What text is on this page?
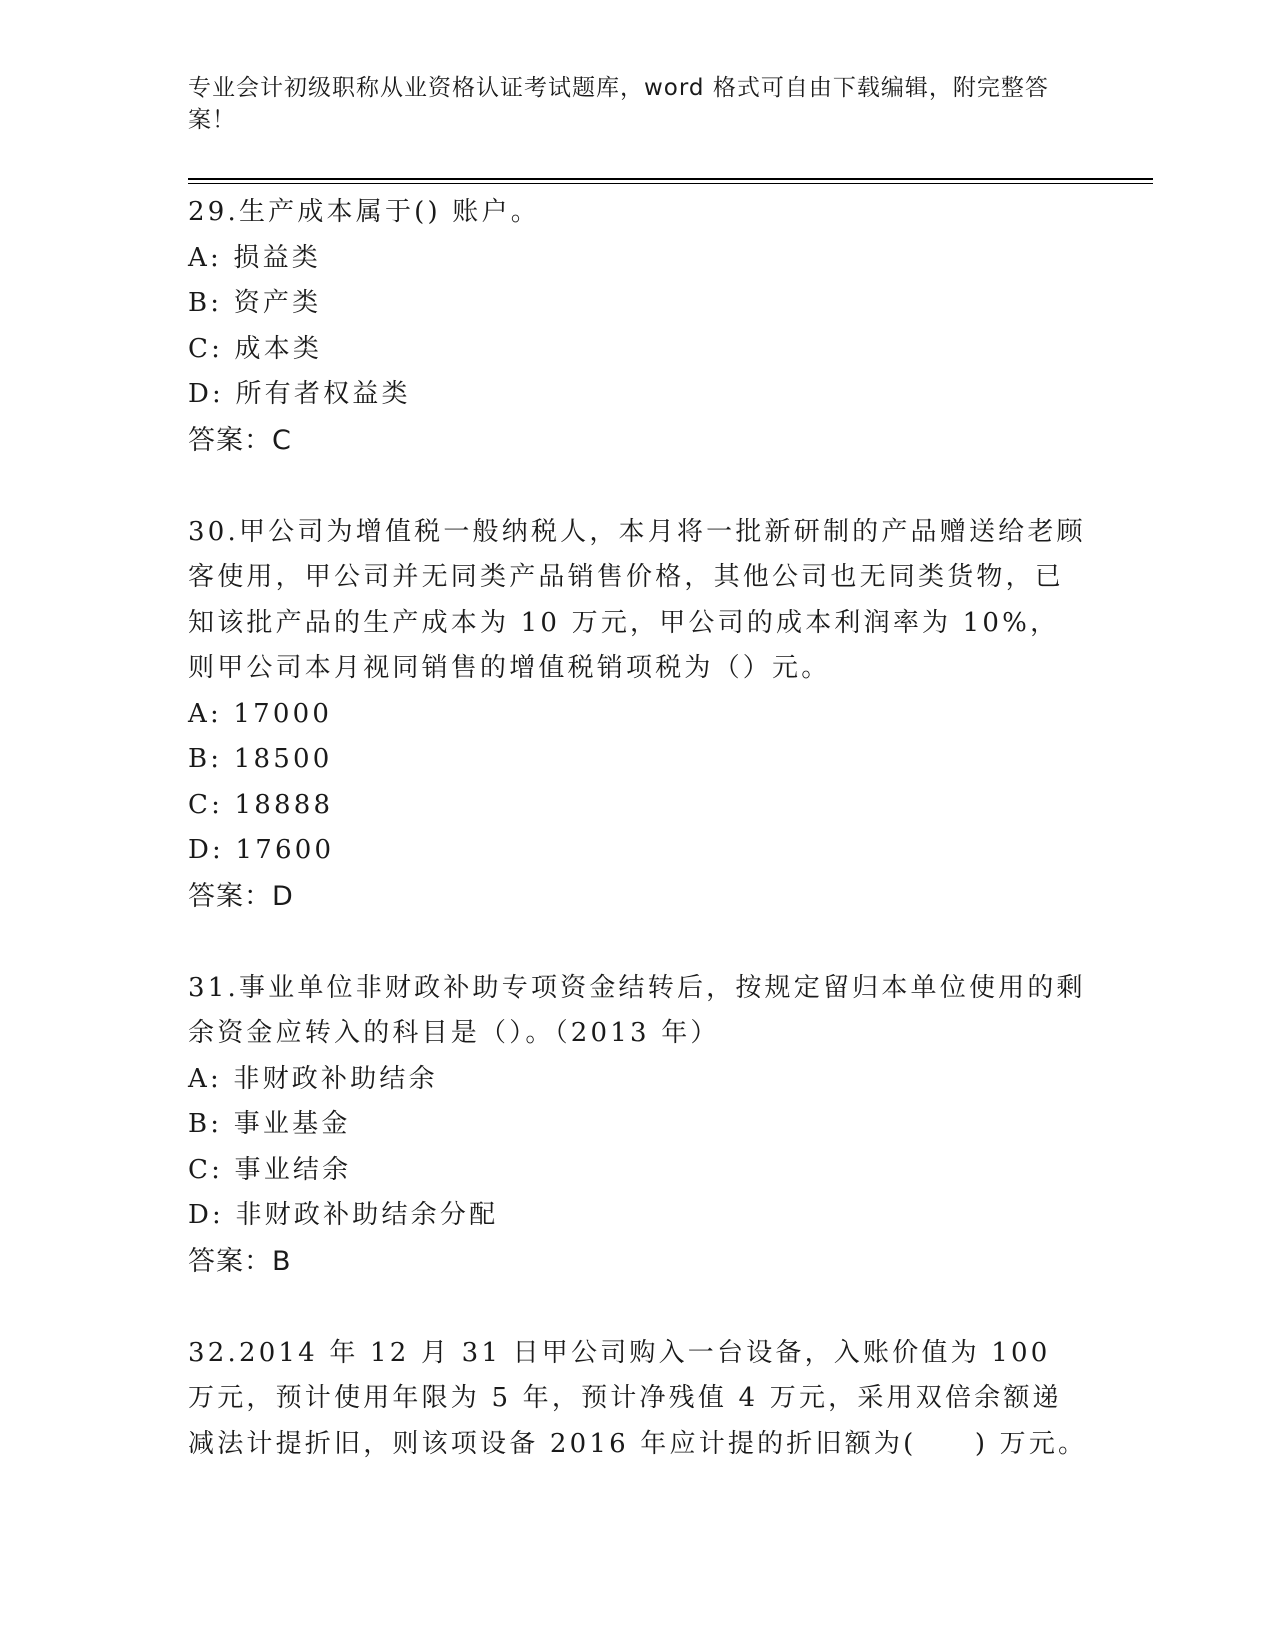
专业会计初级职称从业资格认证考试题库，word 格式可自由下载编辑，附完整答案！

29.生产成本属于() 账户。

A: 损益类

B: 资产类

C: 成本类

D: 所有者权益类

答案：C

30.甲公司为增值税一般纳税人，本月将一批新研制的产品赠送给老顾客使用，甲公司并无同类产品销售价格，其他公司也无同类货物，已知该批产品的生产成本为 10 万元，甲公司的成本利润率为 10%，则甲公司本月视同销售的增值税销项税为（）元。

A: 17000

B: 18500

C: 18888

D: 17600

答案：D

31.事业单位非财政补助专项资金结转后，按规定留归本单位使用的剩余资金应转入的科目是（）。（2013 年）

A: 非财政补助结余

B: 事业基金

C: 事业结余

D: 非财政补助结余分配

答案：B

32.2014 年 12 月 31 日甲公司购入一台设备，入账价值为 100 万元，预计使用年限为 5 年，预计净残值 4 万元，采用双倍余额递减法计提折旧，则该项设备 2016 年应计提的折旧额为(　　) 万元。
